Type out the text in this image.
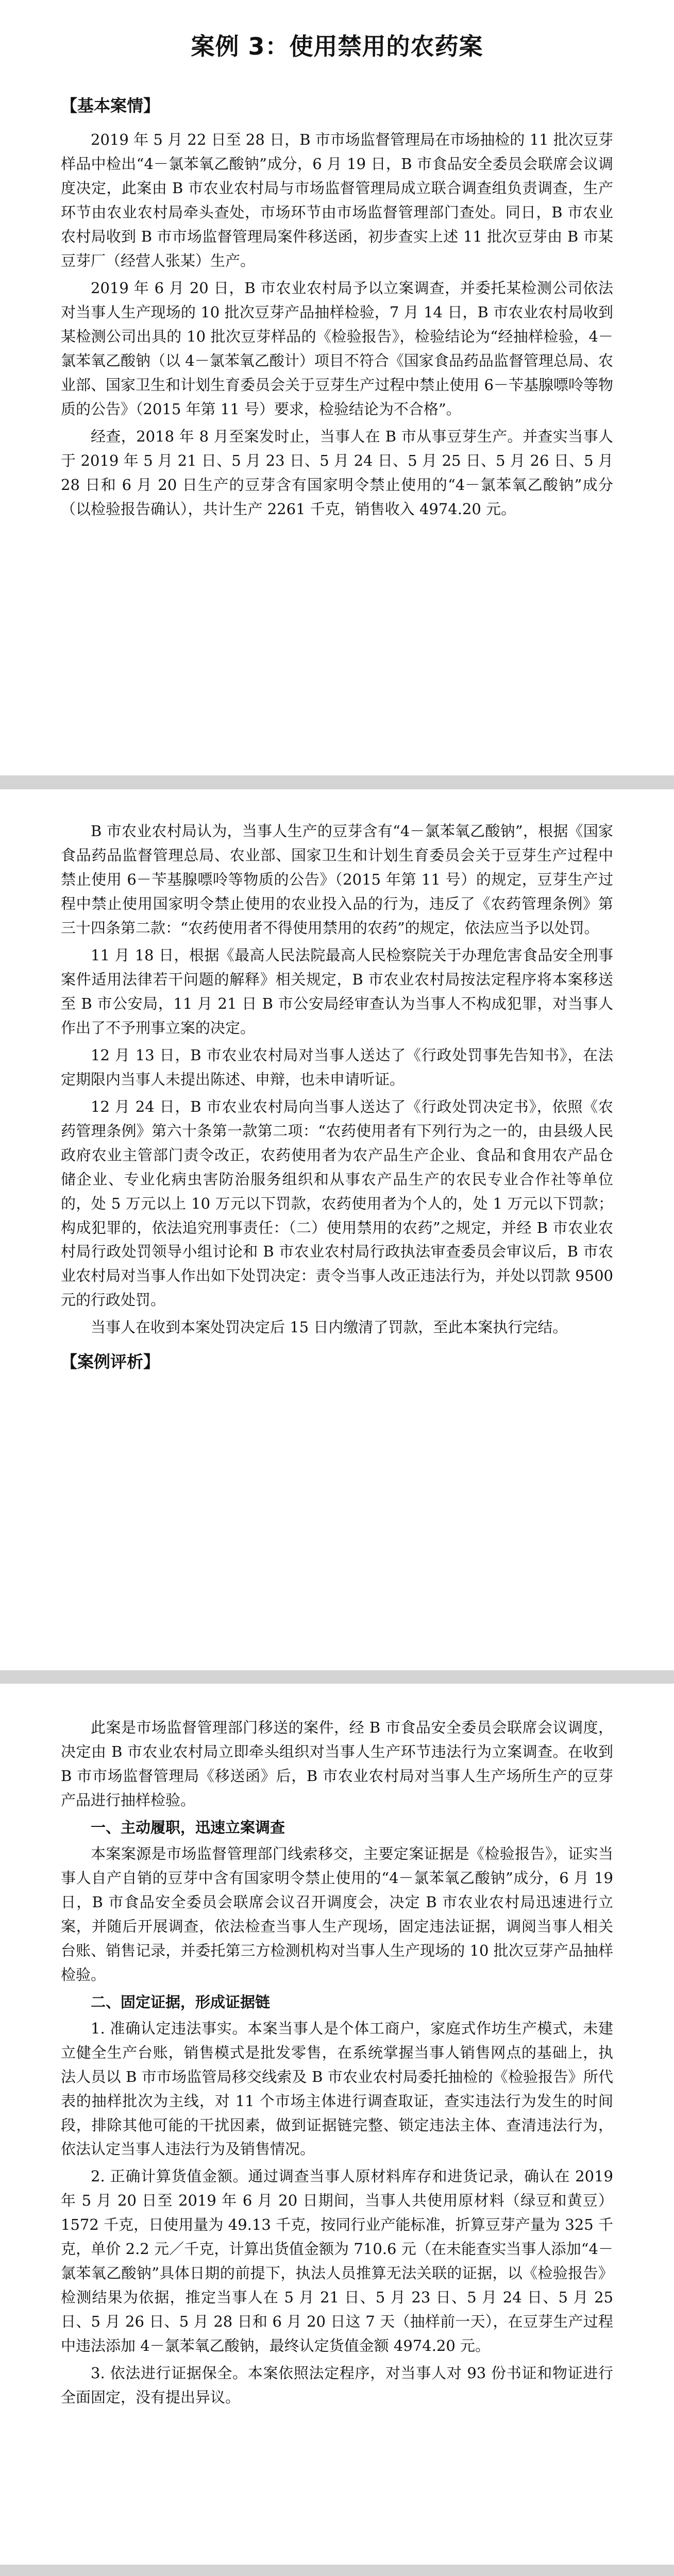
案例 3：使用禁用的农药案
【基本案情】

2019 年 5 月 22 日至 28 日，B 市市场监督管理局在市场抽检的 11 批次豆芽样品中检出“4－氯苯氧乙酸钠”成分，6 月 19 日，B 市食品安全委员会联席会议调度决定，此案由 B 市农业农村局与市场监督管理局成立联合调查组负责调查，生产环节由农业农村局牵头查处，市场环节由市场监督管理部门查处。同日，B 市农业农村局收到 B 市市场监督管理局案件移送函，初步查实上述 11 批次豆芽由 B 市某豆芽厂（经营人张某）生产。

2019 年 6 月 20 日，B 市农业农村局予以立案调查，并委托某检测公司依法对当事人生产现场的 10 批次豆芽产品抽样检验，7 月 14 日，B 市农业农村局收到某检测公司出具的 10 批次豆芽样品的《检验报告》，检验结论为“经抽样检验，4－氯苯氧乙酸钠（以 4－氯苯氧乙酸计）项目不符合《国家食品药品监督管理总局、农业部、国家卫生和计划生育委员会关于豆芽生产过程中禁止使用 6－苄基腺嘌呤等物质的公告》（2015 年第 11 号）要求，检验结论为不合格”。

经查，2018 年 8 月至案发时止，当事人在 B 市从事豆芽生产。并查实当事人于 2019 年 5 月 21 日、5 月 23 日、5 月 24 日、5 月 25 日、5 月 26 日、5 月 28 日和 6 月 20 日生产的豆芽含有国家明令禁止使用的“4－氯苯氧乙酸钠”成分（以检验报告确认），共计生产 2261 千克，销售收入 4974.20 元。

B 市农业农村局认为，当事人生产的豆芽含有“4－氯苯氧乙酸钠”，根据《国家食品药品监督管理总局、农业部、国家卫生和计划生育委员会关于豆芽生产过程中禁止使用 6－苄基腺嘌呤等物质的公告》（2015 年第 11 号）的规定，豆芽生产过程中禁止使用国家明令禁止使用的农业投入品的行为，违反了《农药管理条例》第三十四条第二款：“农药使用者不得使用禁用的农药”的规定，依法应当予以处罚。

11 月 18 日，根据《最高人民法院最高人民检察院关于办理危害食品安全刑事案件适用法律若干问题的解释》相关规定，B 市农业农村局按法定程序将本案移送至 B 市公安局，11 月 21 日 B 市公安局经审查认为当事人不构成犯罪，对当事人作出了不予刑事立案的决定。

12 月 13 日，B 市农业农村局对当事人送达了《行政处罚事先告知书》，在法定期限内当事人未提出陈述、申辩，也未申请听证。

12 月 24 日，B 市农业农村局向当事人送达了《行政处罚决定书》，依照《农药管理条例》第六十条第一款第二项：“农药使用者有下列行为之一的，由县级人民政府农业主管部门责令改正，农药使用者为农产品生产企业、食品和食用农产品仓储企业、专业化病虫害防治服务组织和从事农产品生产的农民专业合作社等单位的，处 5 万元以上 10 万元以下罚款，农药使用者为个人的，处 1 万元以下罚款；构成犯罪的，依法追究刑事责任：（二）使用禁用的农药”之规定，并经 B 市农业农村局行政处罚领导小组讨论和 B 市农业农村局行政执法审查委员会审议后，B 市农业农村局对当事人作出如下处罚决定：责令当事人改正违法行为，并处以罚款 9500 元的行政处罚。

当事人在收到本案处罚决定后 15 日内缴清了罚款，至此本案执行完结。

【案例评析】

此案是市场监督管理部门移送的案件，经 B 市食品安全委员会联席会议调度，决定由 B 市农业农村局立即牵头组织对当事人生产环节违法行为立案调查。在收到 B 市市场监督管理局《移送函》后，B 市农业农村局对当事人生产场所生产的豆芽产品进行抽样检验。

一、主动履职，迅速立案调查

本案案源是市场监督管理部门线索移交，主要定案证据是《检验报告》，证实当事人自产自销的豆芽中含有国家明令禁止使用的“4－氯苯氧乙酸钠”成分，6 月 19 日，B 市食品安全委员会联席会议召开调度会，决定 B 市农业农村局迅速进行立案，并随后开展调查，依法检查当事人生产现场，固定违法证据，调阅当事人相关台账、销售记录，并委托第三方检测机构对当事人生产现场的 10 批次豆芽产品抽样检验。

二、固定证据，形成证据链

1. 准确认定违法事实。本案当事人是个体工商户，家庭式作坊生产模式，未建立健全生产台账，销售模式是批发零售，在系统掌握当事人销售网点的基础上，执法人员以 B 市市场监管局移交线索及 B 市农业农村局委托抽检的《检验报告》所代表的抽样批次为主线，对 11 个市场主体进行调查取证，查实违法行为发生的时间段，排除其他可能的干扰因素，做到证据链完整、锁定违法主体、查清违法行为，依法认定当事人违法行为及销售情况。

2. 正确计算货值金额。通过调查当事人原材料库存和进货记录，确认在 2019 年 5 月 20 日至 2019 年 6 月 20 日期间，当事人共使用原材料（绿豆和黄豆）1572 千克，日使用量为 49.13 千克，按同行业产能标准，折算豆芽产量为 325 千克，单价 2.2 元／千克，计算出货值金额为 710.6 元（在未能查实当事人添加“4－氯苯氧乙酸钠”具体日期的前提下，执法人员推算无法关联的证据，以《检验报告》检测结果为依据，推定当事人在 5 月 21 日、5 月 23 日、5 月 24 日、5 月 25 日、5 月 26 日、5 月 28 日和 6 月 20 日这 7 天（抽样前一天），在豆芽生产过程中违法添加 4－氯苯氧乙酸钠，最终认定货值金额 4974.20 元。

3. 依法进行证据保全。本案依照法定程序，对当事人对 93 份书证和物证进行全面固定，没有提出异议。
